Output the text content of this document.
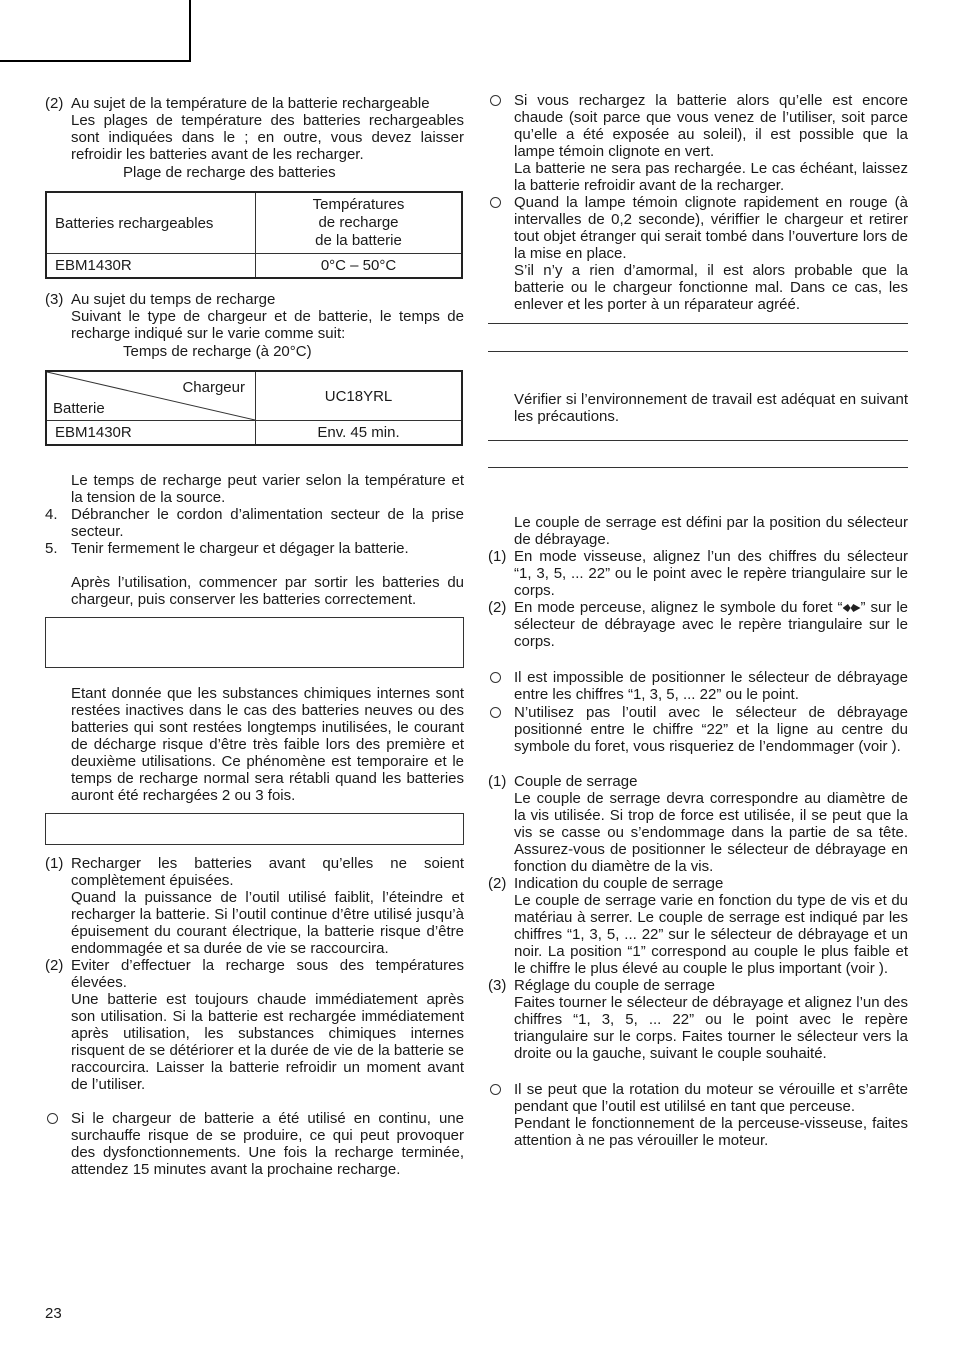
(2) Au sujet de la température de la batterie rechargeable
Les plages de température des batteries rechargeables sont indiquées dans le ; en outre, vous devez laisser refroidir les batteries avant de les recharger.
Plage de recharge des batteries
Batteries rechargeables	Températures
de recharge
de la batterie

EBM1430R	0°C – 50°C
(3) Au sujet du temps de recharge
Suivant le type de chargeur et de batterie, le temps de recharge indiqué sur le varie comme suit:
Temps de recharge (à 20°C)
Chargeur
Batterie	UC18YRL
EBM1430R	Env. 45 min.
Le temps de recharge peut varier selon la température et la tension de la source.
4. Débrancher le cordon d’alimentation secteur de la prise secteur.
5. Tenir fermement le chargeur et dégager la batterie.
Après l’utilisation, commencer par sortir les batteries du chargeur, puis conserver les batteries correctement.
Etant donnée que les substances chimiques internes sont restées inactives dans le cas des batteries neuves ou des batteries qui sont restées longtemps inutilisées, le courant de décharge risque d’être très faible lors des première et deuxième utilisations. Ce phénomène est temporaire et le temps de recharge normal sera rétabli quand les batteries auront été rechargées 2 ou 3 fois.
(1) Recharger les batteries avant qu’elles ne soient complètement épuisées.
Quand la puissance de l’outil utilisé faiblit, l’éteindre et recharger la batterie. Si l’outil continue d’être utilisé jusqu’à épuisement du courant électrique, la batterie risque d’être endommagée et sa durée de vie se raccourcira.
(2) Eviter d’effectuer la recharge sous des températures élevées.
Une batterie est toujours chaude immédiatement après son utilisation. Si la batterie est rechargée immédiatement après utilisation, les substances chimiques internes risquent de se détériorer et la durée de vie de la batterie se raccourcira. Laisser la batterie refroidir un moment avant de l’utiliser.
Si le chargeur de batterie a été utilisé en continu, une surchauffe risque de se produire, ce qui peut provoquer des dysfonctionnements. Une fois la recharge terminée, attendez 15 minutes avant la prochaine recharge.
Si vous rechargez la batterie alors qu’elle est encore chaude (soit parce que vous venez de l’utiliser, soit parce qu’elle a été exposée au soleil), il est possible que la lampe témoin clignote en vert.
La batterie ne sera pas rechargée. Le cas échéant, laissez la batterie refroidir avant de la recharger.
Quand la lampe témoin clignote rapidement en rouge (à intervalles de 0,2 seconde), vériffier le chargeur et retirer tout objet étranger qui serait tombé dans l’ouverture lors de la mise en place.
S’il n’y a rien d’amormal, il est alors probable que la batterie ou le chargeur fonctionne mal. Dans ce cas, les enlever et les porter à un réparateur agréé.
Vérifier si l’environnement de travail est adéquat en suivant les précautions.
Le couple de serrage est défini par la position du sélecteur de débrayage.
(1) En mode visseuse, alignez l’un des chiffres du sélecteur “1, 3, 5, ... 22” ou le point avec le repère triangulaire sur le corps.
(2) En mode perceuse, alignez le symbole du foret “ ” sur le sélecteur de débrayage avec le repère triangulaire sur le corps.
Il est impossible de positionner le sélecteur de débrayage entre les chiffres “1, 3, 5, ... 22” ou le point.
N’utilisez pas l’outil avec le sélecteur de débrayage positionné entre le chiffre “22” et la ligne au centre du symbole du foret, vous risqueriez de l’endommager (voir ).
(1) Couple de serrage
Le couple de serrage devra correspondre au diamètre de la vis utilisée. Si trop de force est utilisée, il se peut que la vis se casse ou s’endommage dans la partie de sa tête. Assurez-vous de positionner le sélecteur de débrayage en fonction du diamètre de la vis.
(2) Indication du couple de serrage
Le couple de serrage varie en fonction du type de vis et du matériau à serrer. Le couple de serrage est indiqué par les chiffres “1, 3, 5, ... 22” sur le sélecteur de débrayage et un noir. La position “1” correspond au couple le plus faible et le chiffre le plus élevé au couple le plus important (voir ).
(3) Réglage du couple de serrage
Faites tourner le sélecteur de débrayage et alignez l’un des chiffres “1, 3, 5, ... 22” ou le point avec le repère triangulaire sur le corps. Faites tourner le sélecteur vers la droite ou la gauche, suivant le couple souhaité.
Il se peut que la rotation du moteur se vérouille et s’arrête pendant que l’outil est utililsé en tant que perceuse.
Pendant le fonctionnement de la perceuse-visseuse, faites attention à ne pas vérouiller le moteur.
23
